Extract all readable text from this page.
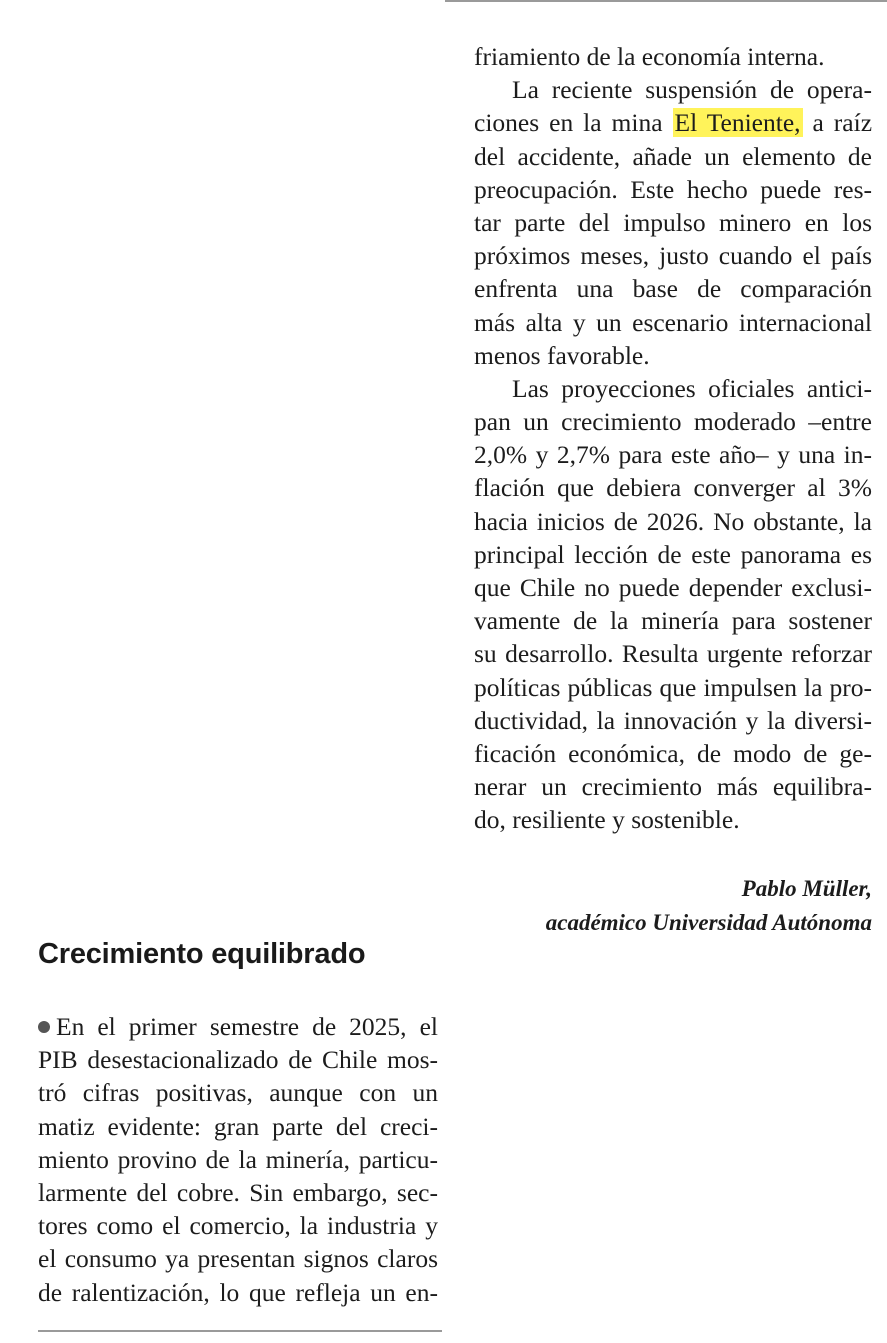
friamiento de la economía interna.
La reciente suspensión de opera-
ciones en la mina El Teniente, a raíz
del accidente, añade un elemento de
preocupación. Este hecho puede res-
tar parte del impulso minero en los
próximos meses, justo cuando el país
enfrenta una base de comparación
más alta y un escenario internacional
menos favorable.
Las proyecciones oficiales antici-
pan un crecimiento moderado –entre
2,0% y 2,7% para este año– y una in-
flación que debiera converger al 3%
hacia inicios de 2026. No obstante, la
principal lección de este panorama es
que Chile no puede depender exclusi-
vamente de la minería para sostener
su desarrollo. Resulta urgente reforzar
políticas públicas que impulsen la pro-
ductividad, la innovación y la diversi-
ficación económica, de modo de ge-
nerar un crecimiento más equilibra-
do, resiliente y sostenible.
Pablo Müller,
académico Universidad Autónoma
Crecimiento equilibrado
En el primer semestre de 2025, el
PIB desestacionalizado de Chile mos-
tró cifras positivas, aunque con un
matiz evidente: gran parte del creci-
miento provino de la minería, particu-
larmente del cobre. Sin embargo, sec-
tores como el comercio, la industria y
el consumo ya presentan signos claros
de ralentización, lo que refleja un en-
